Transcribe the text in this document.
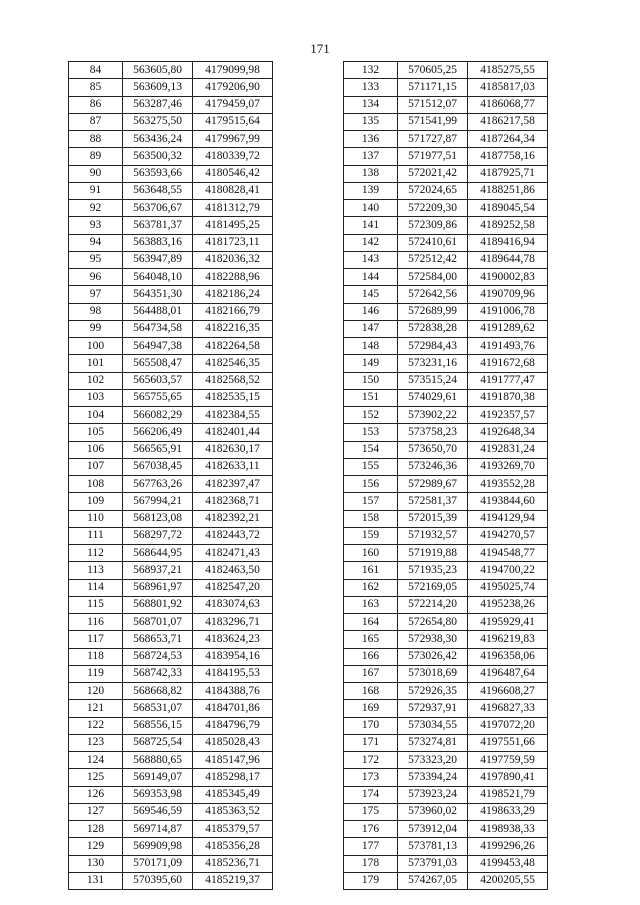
171
84	563605,80	4179099,98
85	563609,13	4179206,90
86	563287,46	4179459,07
87	563275,50	4179515,64
88	563436,24	4179967,99
89	563500,32	4180339,72
90	563593,66	4180546,42
91	563648,55	4180828,41
92	563706,67	4181312,79
93	563781,37	4181495,25
94	563883,16	4181723,11
95	563947,89	4182036,32
96	564048,10	4182288,96
97	564351,30	4182186,24
98	564488,01	4182166,79
99	564734,58	4182216,35
100	564947,38	4182264,58
101	565508,47	4182546,35
102	565603,57	4182568,52
103	565755,65	4182535,15
104	566082,29	4182384,55
105	566206,49	4182401,44
106	566565,91	4182630,17
107	567038,45	4182633,11
108	567763,26	4182397,47
109	567994,21	4182368,71
110	568123,08	4182392,21
111	568297,72	4182443,72
112	568644,95	4182471,43
113	568937,21	4182463,50
114	568961,97	4182547,20
115	568801,92	4183074,63
116	568701,07	4183296,71
117	568653,71	4183624,23
118	568724,53	4183954,16
119	568742,33	4184195,53
120	568668,82	4184388,76
121	568531,07	4184701,86
122	568556,15	4184796,79
123	568725,54	4185028,43
124	568880,65	4185147,96
125	569149,07	4185298,17
126	569353,98	4185345,49
127	569546,59	4185363,52
128	569714,87	4185379,57
129	569909,98	4185356,28
130	570171,09	4185236,71
131	570395,60	4185219,37
132	570605,25	4185275,55
133	571171,15	4185817,03
134	571512,07	4186068,77
135	571541,99	4186217,58
136	571727,87	4187264,34
137	571977,51	4187758,16
138	572021,42	4187925,71
139	572024,65	4188251,86
140	572209,30	4189045,54
141	572309,86	4189252,58
142	572410,61	4189416,94
143	572512,42	4189644,78
144	572584,00	4190002,83
145	572642,56	4190709,96
146	572689,99	4191006,78
147	572838,28	4191289,62
148	572984,43	4191493,76
149	573231,16	4191672,68
150	573515,24	4191777,47
151	574029,61	4191870,38
152	573902,22	4192357,57
153	573758,23	4192648,34
154	573650,70	4192831,24
155	573246,36	4193269,70
156	572989,67	4193552,28
157	572581,37	4193844,60
158	572015,39	4194129,94
159	571932,57	4194270,57
160	571919,88	4194548,77
161	571935,23	4194700,22
162	572169,05	4195025,74
163	572214,20	4195238,26
164	572654,80	4195929,41
165	572938,30	4196219,83
166	573026,42	4196358,06
167	573018,69	4196487,64
168	572926,35	4196608,27
169	572937,91	4196827,33
170	573034,55	4197072,20
171	573274,81	4197551,66
172	573323,20	4197759,59
173	573394,24	4197890,41
174	573923,24	4198521,79
175	573960,02	4198633,29
176	573912,04	4198938,33
177	573781,13	4199296,26
178	573791,03	4199453,48
179	574267,05	4200205,55
